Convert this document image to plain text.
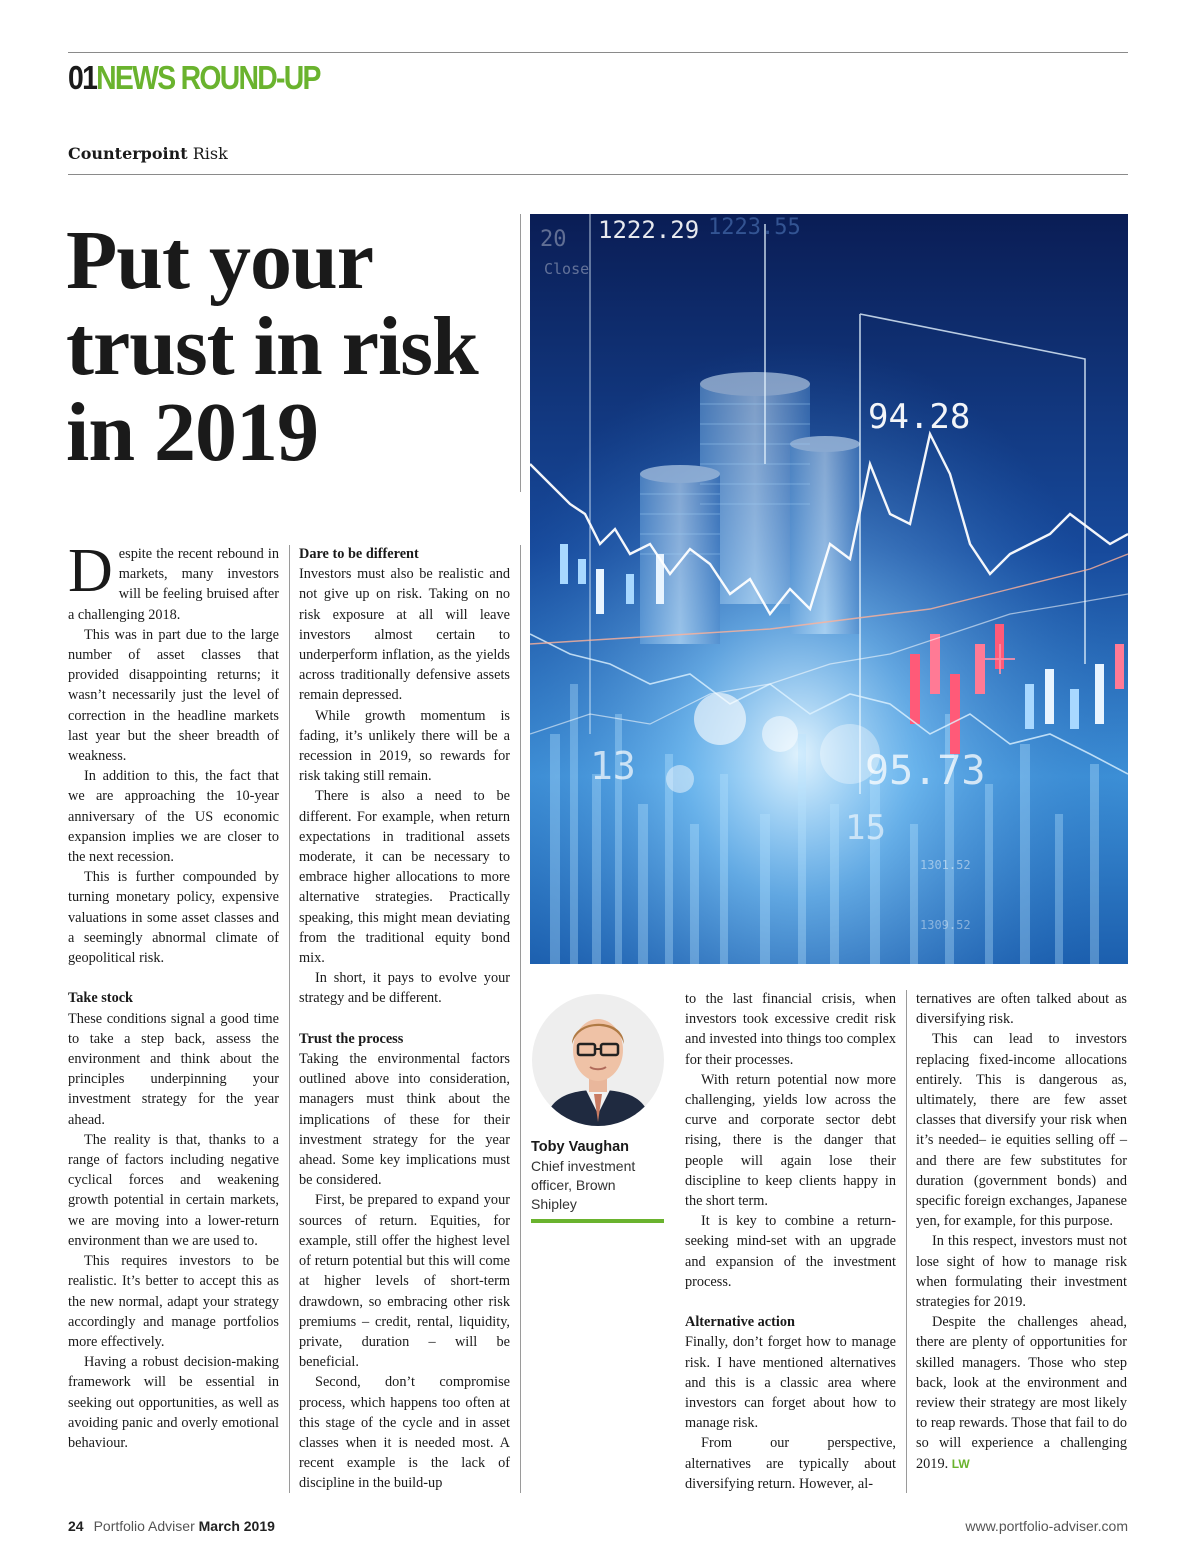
01NEWS ROUND-UP
Counterpoint Risk
Put your trust in risk in 2019
20 1222.29 1223.55
Close
94.28
13	95.73
15
1301.52
1309.52

Despite the recent rebound in markets, many investors will be feeling bruised after a challenging 2018.

This was in part due to the large number of asset classes that provided disappointing returns; it wasn’t necessarily just the level of correction in the headline markets last year but the sheer breadth of weakness.

In addition to this, the fact that we are approaching the 10-year anniversary of the US economic expansion implies we are closer to the next recession.

This is further compounded by turning monetary policy, expensive valuations in some asset classes and a seemingly abnormal climate of geopolitical risk.

Take stock

These conditions signal a good time to take a step back, assess the environment and think about the principles underpinning your investment strategy for the year ahead.

The reality is that, thanks to a range of factors including negative cyclical forces and weakening growth potential in certain markets, we are moving into a lower-return environment than we are used to.

This requires investors to be realistic. It’s better to accept this as the new normal, adapt your strategy accordingly and manage portfolios more effectively.

Having a robust decision-making framework will be essential in seeking out opportunities, as well as avoiding panic and overly emotional behaviour.

Dare to be different

Investors must also be realistic and not give up on risk. Taking on no risk exposure at all will leave investors almost certain to underperform inflation, as the yields across traditionally defensive assets remain depressed.

While growth momentum is fading, it’s unlikely there will be a recession in 2019, so rewards for risk taking still remain.

There is also a need to be different. For example, when return expectations in traditional assets moderate, it can be necessary to embrace higher allocations to more alternative strategies. Practically speaking, this might mean deviating from the traditional equity bond mix.

In short, it pays to evolve your strategy and be different.

Trust the process

Taking the environmental factors outlined above into consideration, managers must think about the implications of these for their investment strategy for the year ahead. Some key implications must be considered.

First, be prepared to expand your sources of return. Equities, for example, still offer the highest level of return potential but this will come at higher levels of short-term drawdown, so embracing other risk premiums – credit, rental, liquidity, private, duration – will be beneficial.

Second, don’t compromise process, which happens too often at this stage of the cycle and in asset classes when it is needed most. A recent example is the lack of discipline in the build-up

Toby Vaughan
Chief investment officer, Brown Shipley

to the last financial crisis, when investors took excessive credit risk and invested into things too complex for their processes.

With return potential now more challenging, yields low across the curve and corporate sector debt rising, there is the danger that people will again lose their discipline to keep clients happy in the short term.

It is key to combine a return-seeking mind-set with an upgrade and expansion of the investment process.

Alternative action

Finally, don’t forget how to manage risk. I have mentioned alternatives and this is a classic area where investors can forget about how to manage risk.

From our perspective, alternatives are typically about diversifying return. However, al-

ternatives are often talked about as diversifying risk.

This can lead to investors replacing fixed-income allocations entirely. This is dangerous as, ultimately, there are few asset classes that diversify your risk when it’s needed– ie equities selling off – and there are few substitutes for duration (government bonds) and specific foreign exchanges, Japanese yen, for example, for this purpose.

In this respect, investors must not lose sight of how to manage risk when formulating their investment strategies for 2019.

Despite the challenges ahead, there are plenty of opportunities for skilled managers. Those who step back, look at the environment and review their strategy are most likely to reap rewards. Those that fail to do so will experience a challenging 2019. LW

24 Portfolio Adviser March 2019	www.portfolio-adviser.com
